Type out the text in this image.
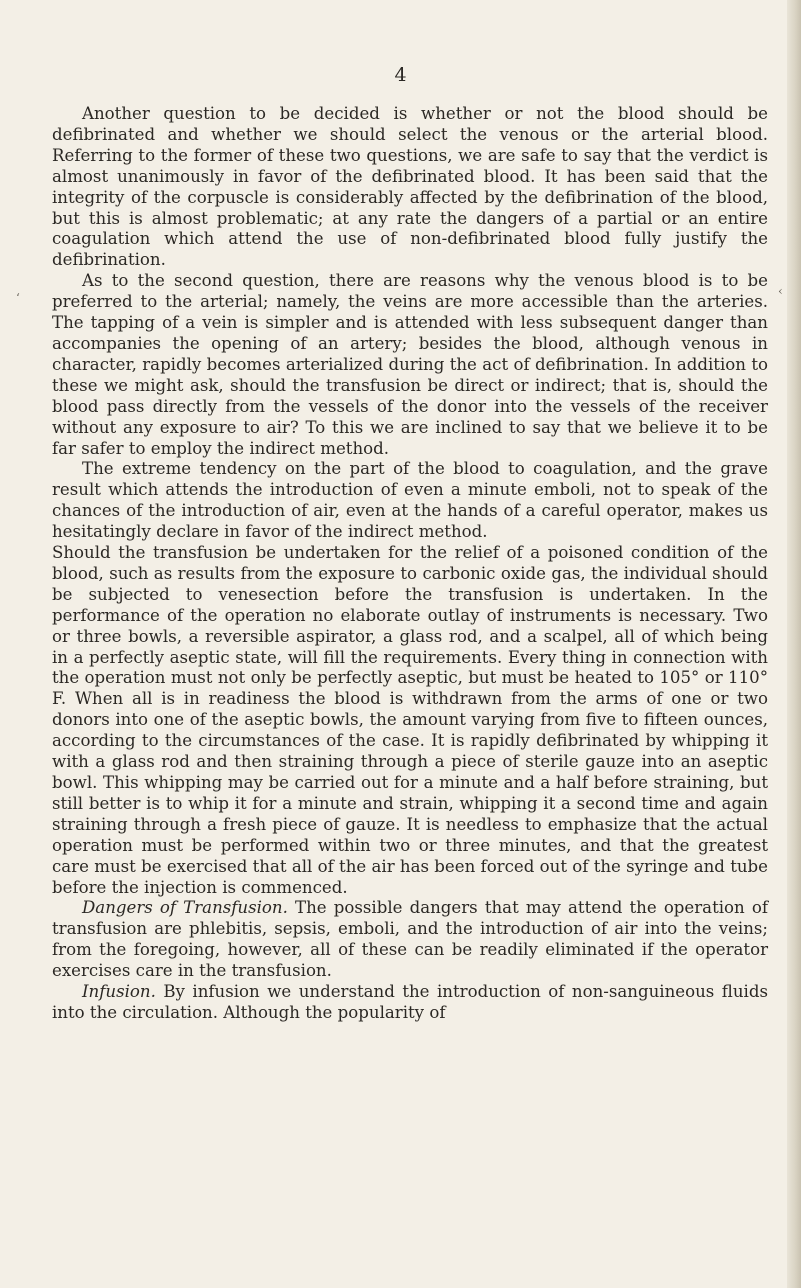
4
‘	‹

Another question to be decided is whether or not the blood should be defibrinated and whether we should select the venous or the arterial blood. Referring to the former of these two questions, we are safe to say that the verdict is almost unanimously in favor of the defibrinated blood. It has been said that the integrity of the corpuscle is considerably affected by the defibrination of the blood, but this is almost problematic; at any rate the dangers of a partial or an entire coagulation which attend the use of non-defibrinated blood fully justify the defibrination.

As to the second question, there are reasons why the venous blood is to be preferred to the arterial; namely, the veins are more accessible than the arteries. The tapping of a vein is simpler and is attended with less subsequent danger than accompanies the opening of an artery; besides the blood, although venous in character, rapidly becomes arterialized during the act of defibrination. In addition to these we might ask, should the transfusion be direct or indirect; that is, should the blood pass directly from the vessels of the donor into the vessels of the receiver without any exposure to air? To this we are inclined to say that we believe it to be far safer to employ the indirect method.

The extreme tendency on the part of the blood to coagulation, and the grave result which attends the introduction of even a minute emboli, not to speak of the chances of the introduction of air, even at the hands of a careful operator, makes us hesitatingly declare in favor of the indirect method.

Should the transfusion be undertaken for the relief of a poisoned condition of the blood, such as results from the exposure to carbonic oxide gas, the individual should be subjected to venesection before the transfusion is undertaken. In the performance of the operation no elaborate outlay of instruments is necessary. Two or three bowls, a reversible aspirator, a glass rod, and a scalpel, all of which being in a perfectly aseptic state, will fill the requirements. Every thing in connection with the operation must not only be perfectly aseptic, but must be heated to 105° or 110° F. When all is in readiness the blood is withdrawn from the arms of one or two donors into one of the aseptic bowls, the amount varying from five to fifteen ounces, according to the circumstances of the case. It is rapidly defibrinated by whipping it with a glass rod and then straining through a piece of sterile gauze into an aseptic bowl. This whipping may be carried out for a minute and a half before straining, but still better is to whip it for a minute and strain, whipping it a second time and again straining through a fresh piece of gauze. It is needless to emphasize that the actual operation must be performed within two or three minutes, and that the greatest care must be exercised that all of the air has been forced out of the syringe and tube before the injection is commenced.

Dangers of Transfusion. The possible dangers that may attend the operation of transfusion are phlebitis, sepsis, emboli, and the introduction of air into the veins; from the foregoing, however, all of these can be readily eliminated if the operator exercises care in the transfusion.

Infusion. By infusion we understand the introduction of non-sanguineous fluids into the circulation. Although the popularity of
